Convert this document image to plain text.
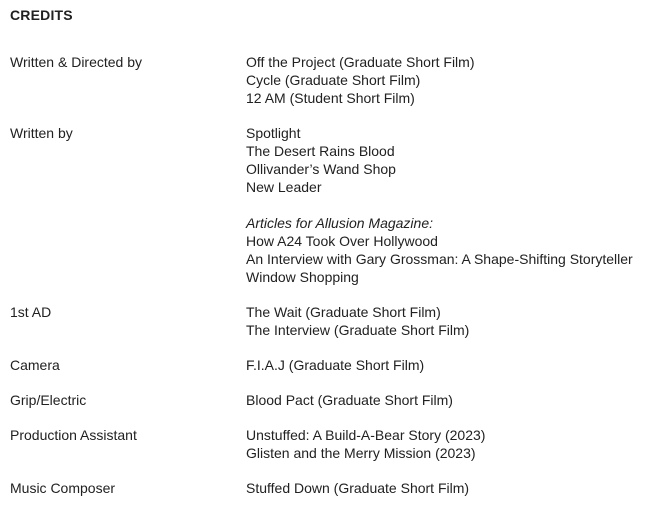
CREDITS
Written & Directed by	Off the Project (Graduate Short Film)
Cycle (Graduate Short Film)
12 AM (Student Short Film)
Written by	Spotlight
The Desert Rains Blood
Ollivander’s Wand Shop
New Leader

Articles for Allusion Magazine:
How A24 Took Over Hollywood
An Interview with Gary Grossman: A Shape-Shifting Storyteller
Window Shopping
1st AD	The Wait (Graduate Short Film)
The Interview (Graduate Short Film)
Camera	F.I.A.J (Graduate Short Film)
Grip/Electric	Blood Pact (Graduate Short Film)
Production Assistant	Unstuffed: A Build-A-Bear Story (2023)
Glisten and the Merry Mission (2023)
Music Composer	Stuffed Down (Graduate Short Film)
